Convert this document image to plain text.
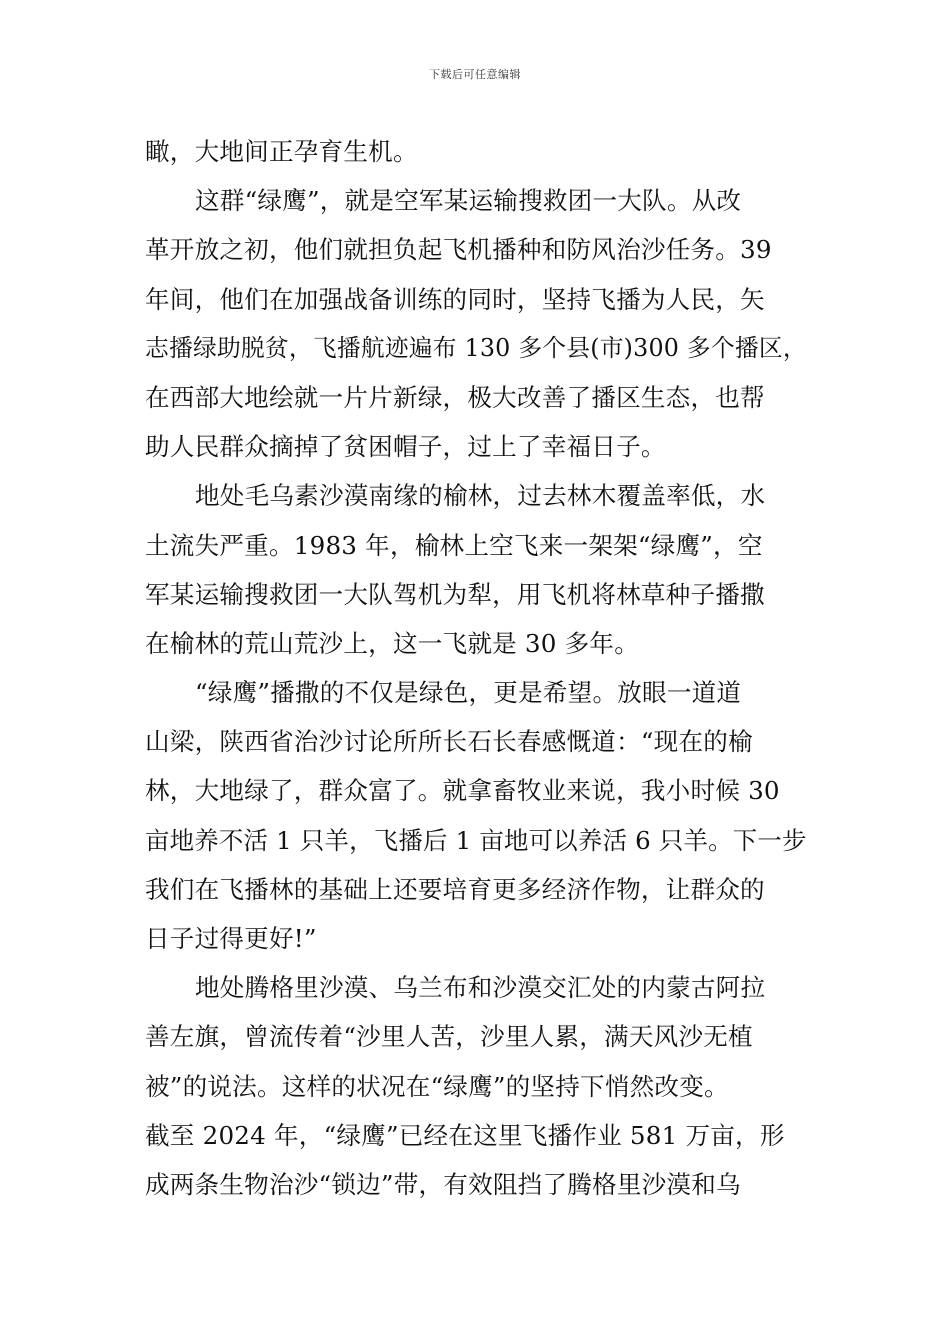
下载后可任意编辑
瞰，大地间正孕育生机。
这群“绿鹰”，就是空军某运输搜救团一大队。从改
革开放之初，他们就担负起飞机播种和防风治沙任务。39
年间，他们在加强战备训练的同时，坚持飞播为人民，矢
志播绿助脱贫，飞播航迹遍布 130 多个县(市)300 多个播区，
在西部大地绘就一片片新绿，极大改善了播区生态，也帮
助人民群众摘掉了贫困帽子，过上了幸福日子。
地处毛乌素沙漠南缘的榆林，过去林木覆盖率低，水
土流失严重。1983 年，榆林上空飞来一架架“绿鹰”，空
军某运输搜救团一大队驾机为犁，用飞机将林草种子播撒
在榆林的荒山荒沙上，这一飞就是 30 多年。
“绿鹰”播撒的不仅是绿色，更是希望。放眼一道道
山梁，陕西省治沙讨论所所长石长春感慨道：“现在的榆
林，大地绿了，群众富了。就拿畜牧业来说，我小时候 30
亩地养不活 1 只羊，飞播后 1 亩地可以养活 6 只羊。下一步
我们在飞播林的基础上还要培育更多经济作物，让群众的
日子过得更好!”
地处腾格里沙漠、乌兰布和沙漠交汇处的内蒙古阿拉
善左旗，曾流传着“沙里人苦，沙里人累，满天风沙无植
被”的说法。这样的状况在“绿鹰”的坚持下悄然改变。
截至 2024 年，“绿鹰”已经在这里飞播作业 581 万亩，形
成两条生物治沙“锁边”带，有效阻挡了腾格里沙漠和乌
